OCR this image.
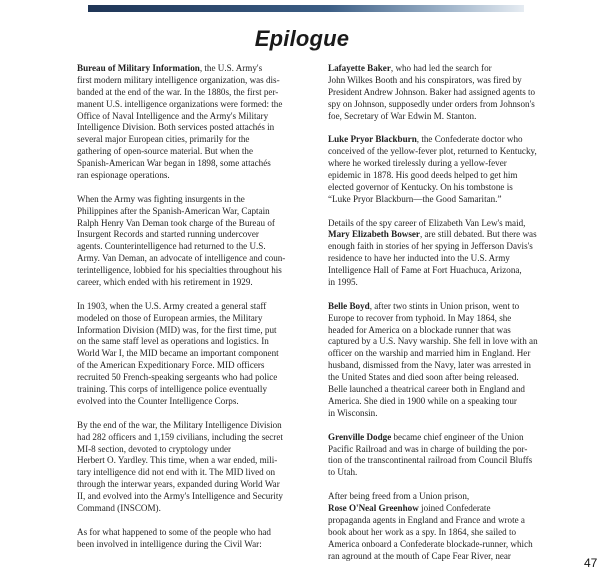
Epilogue
Bureau of Military Information, the U.S. Army's
first modern military intelligence organization, was dis-
banded at the end of the war. In the 1880s, the first per-
manent U.S. intelligence organizations were formed: the
Office of Naval Intelligence and the Army's Military
Intelligence Division. Both services posted attachés in
several major European cities, primarily for the
gathering of open-source material. But when the
Spanish-American War began in 1898, some attachés
ran espionage operations.
When the Army was fighting insurgents in the
Philippines after the Spanish-American War, Captain
Ralph Henry Van Deman took charge of the Bureau of
Insurgent Records and started running undercover
agents. Counterintelligence had returned to the U.S.
Army. Van Deman, an advocate of intelligence and coun-
terintelligence, lobbied for his specialties throughout his
career, which ended with his retirement in 1929.
In 1903, when the U.S. Army created a general staff
modeled on those of European armies, the Military
Information Division (MID) was, for the first time, put
on the same staff level as operations and logistics. In
World War I, the MID became an important component
of the American Expeditionary Force. MID officers
recruited 50 French-speaking sergeants who had police
training. This corps of intelligence police eventually
evolved into the Counter Intelligence Corps.
By the end of the war, the Military Intelligence Division
had 282 officers and 1,159 civilians, including the secret
MI-8 section, devoted to cryptology under
Herbert O. Yardley. This time, when a war ended, mili-
tary intelligence did not end with it. The MID lived on
through the interwar years, expanded during World War
II, and evolved into the Army's Intelligence and Security
Command (INSCOM).
As for what happened to some of the people who had
been involved in intelligence during the Civil War:
Lafayette Baker, who had led the search for
John Wilkes Booth and his conspirators, was fired by
President Andrew Johnson. Baker had assigned agents to
spy on Johnson, supposedly under orders from Johnson's
foe, Secretary of War Edwin M. Stanton.
Luke Pryor Blackburn, the Confederate doctor who
conceived of the yellow-fever plot, returned to Kentucky,
where he worked tirelessly during a yellow-fever
epidemic in 1878. His good deeds helped to get him
elected governor of Kentucky. On his tombstone is
“Luke Pryor Blackburn—the Good Samaritan.”
Details of the spy career of Elizabeth Van Lew's maid,
Mary Elizabeth Bowser, are still debated. But there was
enough faith in stories of her spying in Jefferson Davis's
residence to have her inducted into the U.S. Army
Intelligence Hall of Fame at Fort Huachuca, Arizona,
in 1995.
Belle Boyd, after two stints in Union prison, went to
Europe to recover from typhoid. In May 1864, she
headed for America on a blockade runner that was
captured by a U.S. Navy warship. She fell in love with an
officer on the warship and married him in England. Her
husband, dismissed from the Navy, later was arrested in
the United States and died soon after being released.
Belle launched a theatrical career both in England and
America. She died in 1900 while on a speaking tour
in Wisconsin.
Grenville Dodge became chief engineer of the Union
Pacific Railroad and was in charge of building the por-
tion of the transcontinental railroad from Council Bluffs
to Utah.
After being freed from a Union prison,
Rose O'Neal Greenhow joined Confederate
propaganda agents in England and France and wrote a
book about her work as a spy. In 1864, she sailed to
America onboard a Confederate blockade-runner, which
ran aground at the mouth of Cape Fear River, near
47
